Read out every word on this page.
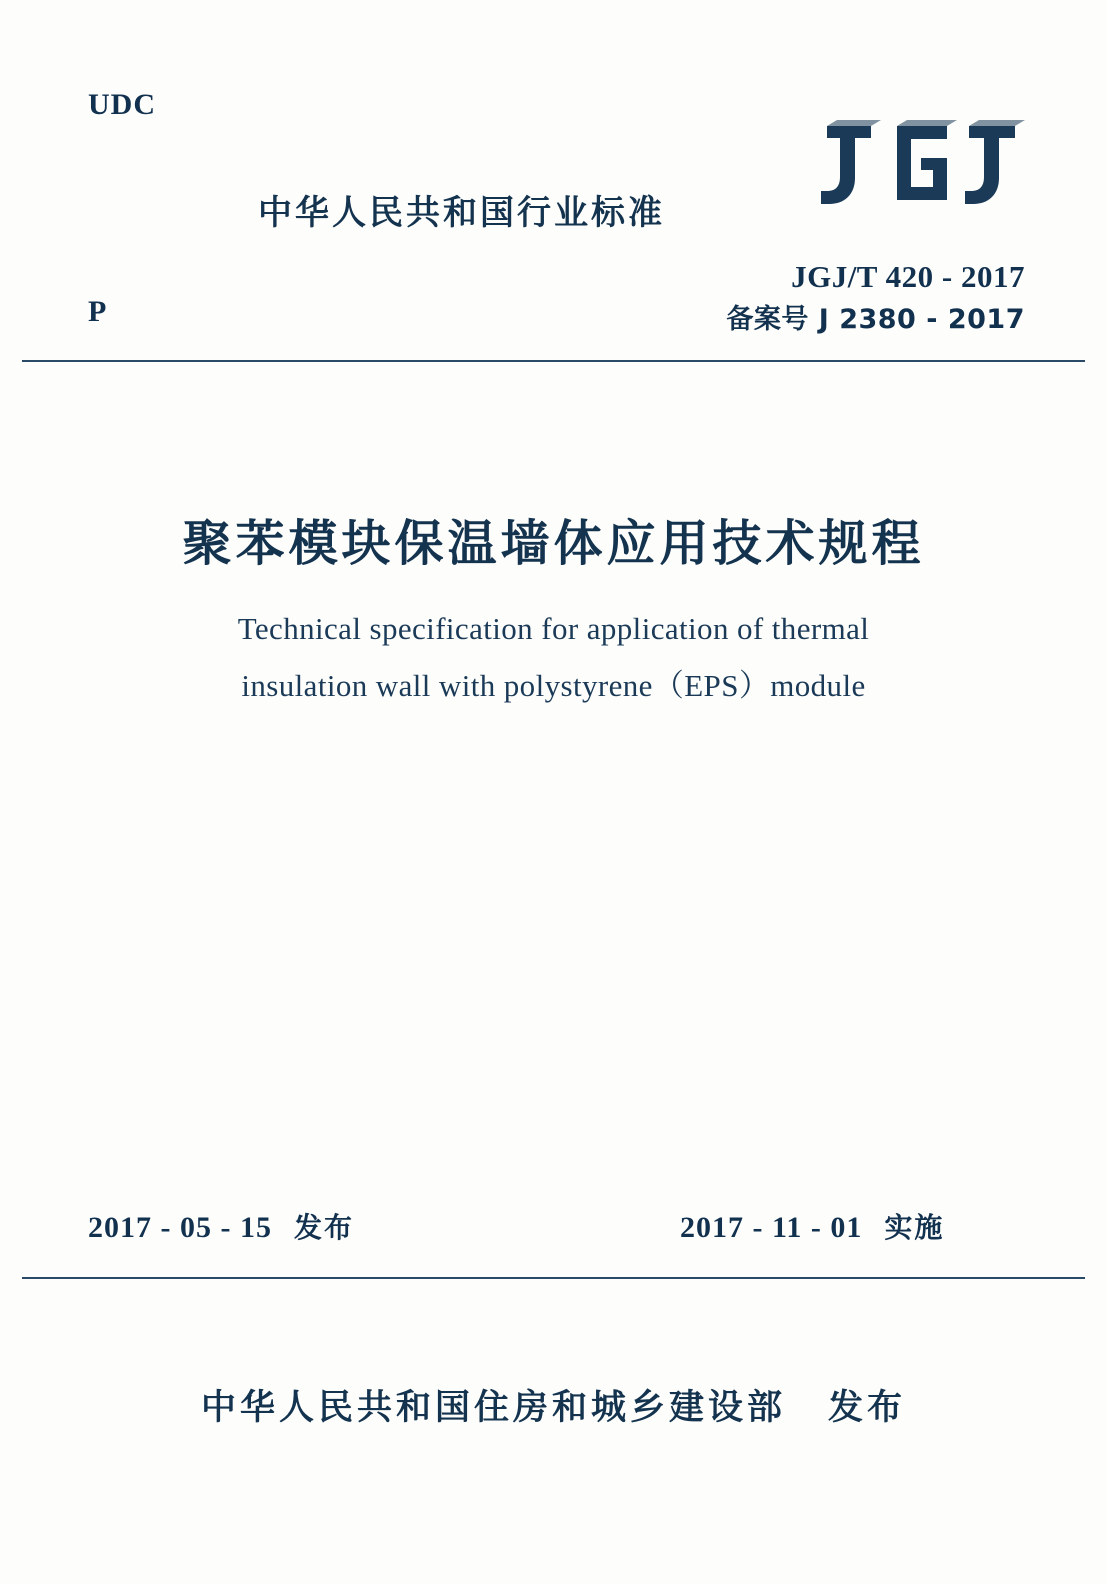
UDC
P
中华人民共和国行业标准
JGJ/T 420 - 2017
备案号 J 2380 - 2017
聚苯模块保温墙体应用技术规程
Technical specification for application of thermal
insulation wall with polystyrene（EPS）module
2017 - 05 - 15 发布	2017 - 11 - 01 实施
中华人民共和国住房和城乡建设部 发布
